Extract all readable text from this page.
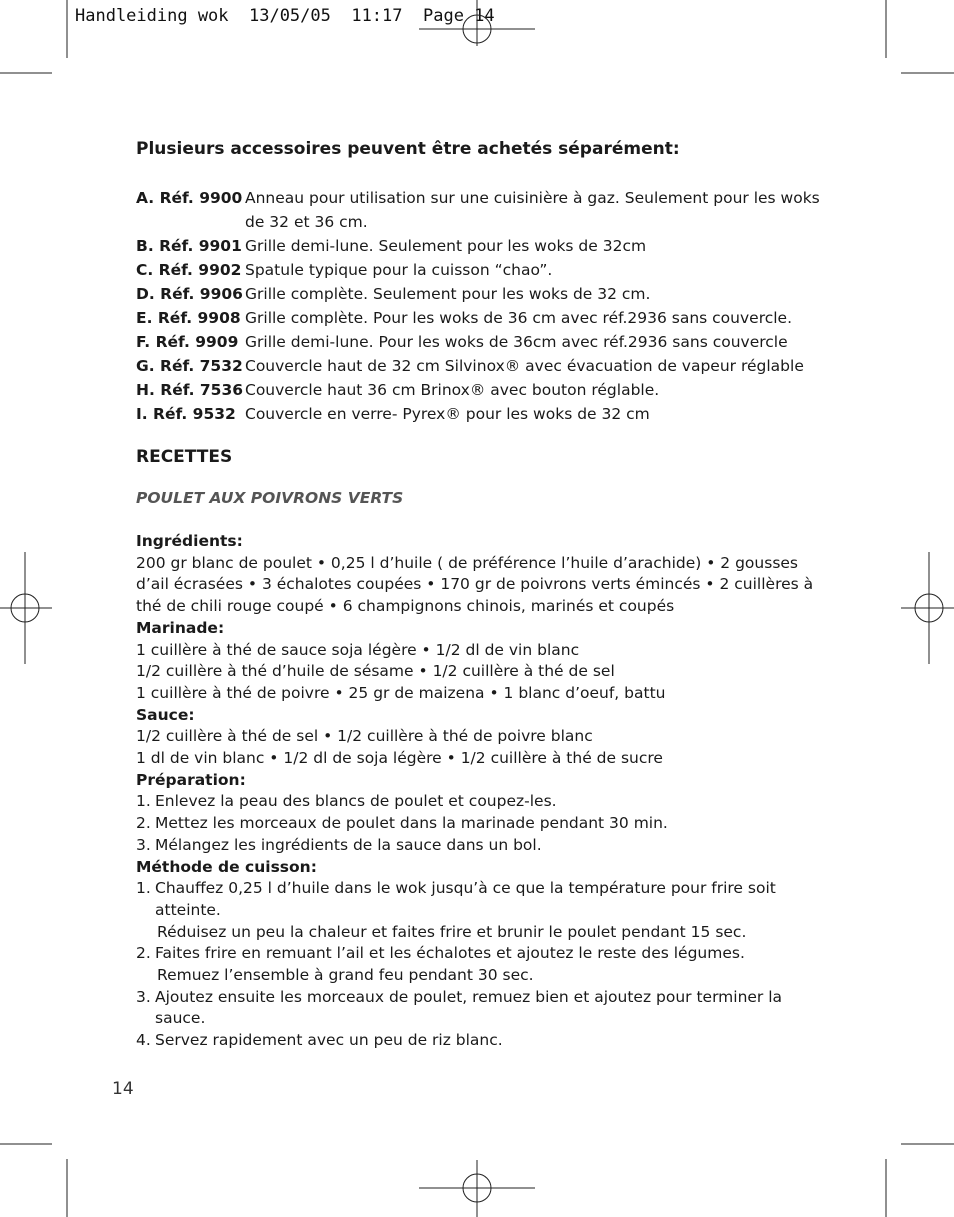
Handleiding wok  13/05/05  11:17  Page 14
Plusieurs accessoires peuvent être achetés séparément:
A. Réf. 9900 Anneau pour utilisation sur une cuisinière à gaz. Seulement pour les woks
de 32 et 36 cm.
B. Réf. 9901 Grille demi-lune. Seulement pour les woks de 32cm
C. Réf. 9902 Spatule typique pour la cuisson “chao”.
D. Réf. 9906 Grille complète. Seulement pour les woks de 32 cm.
E. Réf. 9908 Grille complète. Pour les woks de 36 cm avec réf.2936 sans couvercle.
F. Réf. 9909 Grille demi-lune. Pour les woks de 36cm avec réf.2936 sans couvercle
G. Réf. 7532 Couvercle haut de 32 cm Silvinox® avec évacuation de vapeur réglable
H. Réf. 7536 Couvercle haut 36 cm Brinox® avec bouton réglable.
I. Réf. 9532 Couvercle en verre- Pyrex® pour les woks de 32 cm
RECETTES
POULET AUX POIVRONS VERTS
Ingrédients:
200 gr blanc de poulet • 0,25 l d’huile ( de préférence l’huile d’arachide) • 2 gousses
d’ail écrasées • 3 échalotes coupées • 170 gr de poivrons verts émincés • 2 cuillères à
thé de chili rouge coupé • 6 champignons chinois, marinés et coupés
Marinade:
1 cuillère à thé de sauce soja légère • 1/2 dl de vin blanc
1/2 cuillère à thé d’huile de sésame • 1/2 cuillère à thé de sel
1 cuillère à thé de poivre • 25 gr de maizena • 1 blanc d’oeuf, battu
Sauce:
1/2 cuillère à thé de sel • 1/2 cuillère à thé de poivre blanc
1 dl de vin blanc • 1/2 dl de soja légère • 1/2 cuillère à thé de sucre
Préparation:
1. Enlevez la peau des blancs de poulet et coupez-les.
2. Mettez les morceaux de poulet dans la marinade pendant 30 min.
3. Mélangez les ingrédients de la sauce dans un bol.
Méthode de cuisson:
1. Chauffez 0,25 l d’huile dans le wok jusqu’à ce que la température pour frire soit atteinte.
Réduisez un peu la chaleur et faites frire et brunir le poulet pendant 15 sec.
2. Faites frire en remuant l’ail et les échalotes et ajoutez le reste des légumes.
Remuez l’ensemble à grand feu pendant 30 sec.
3. Ajoutez ensuite les morceaux de poulet, remuez bien et ajoutez pour terminer la sauce.
4. Servez rapidement avec un peu de riz blanc.
14
